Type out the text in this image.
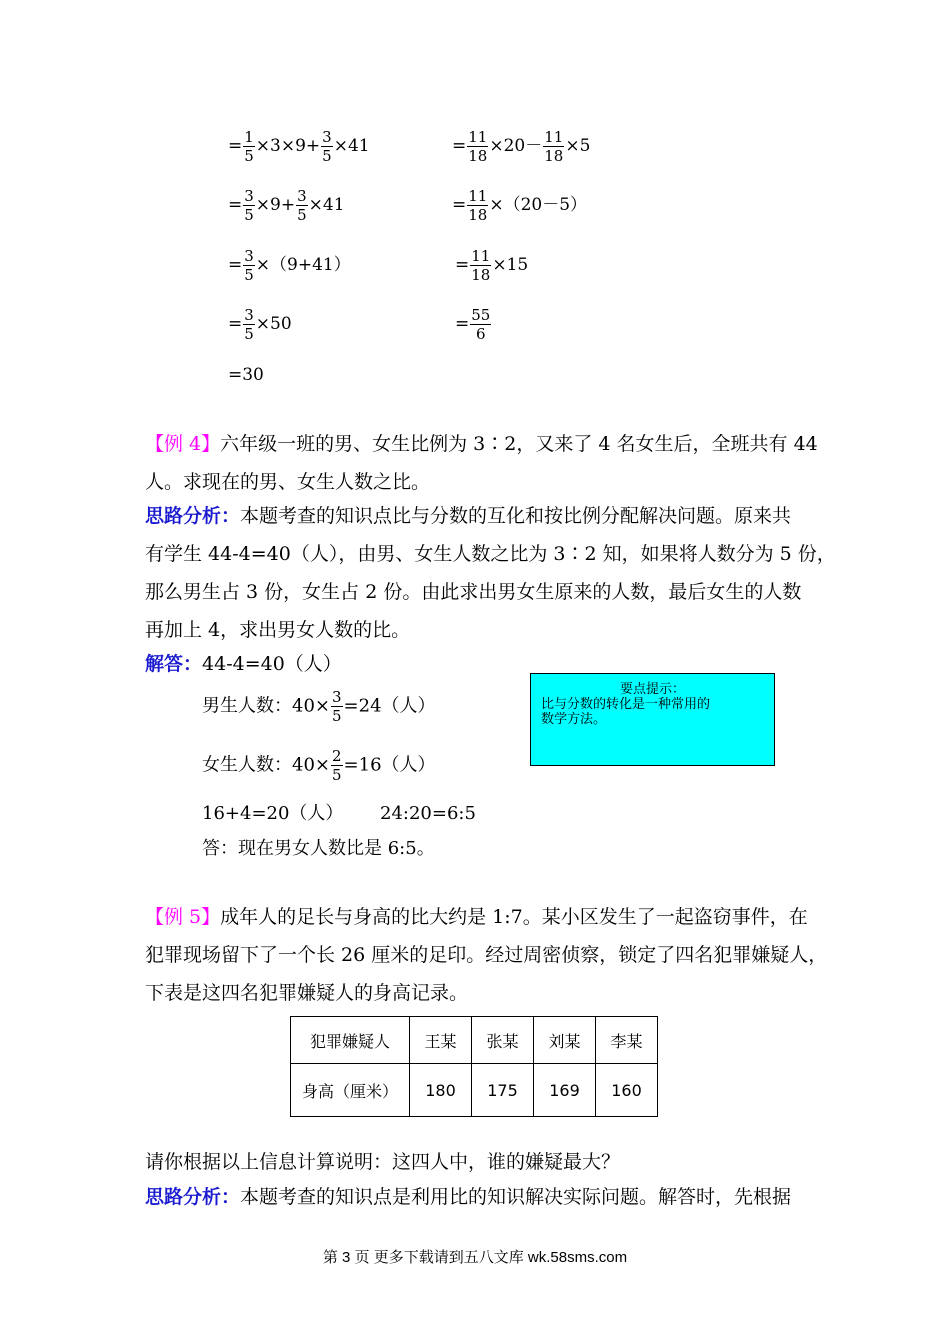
= $\frac{1}{5} \times 3\times 9+ \frac{3}{5} \times 41$
= $\frac{3}{5} \times 9+ \frac{3}{5} \times 41$
= $\frac{3}{5} \times(9+41)$
= $\frac{3}{5} \times 50$
=30
= $\frac{11}{18} \times 20- \frac{11}{18} \times 5$
= $\frac{11}{18} \times(20-5)$
= $\frac{11}{18} \times 15$
= $\frac{55}{6}$
【例 4】六年级一班的男、女生比例为 3∶2，又来了 4 名女生后，全班共有 44
人。求现在的男、女生人数之比。
思路分析：本题考查的知识点比与分数的互化和按比例分配解决问题。原来共
有学生 44-4=40（人），由男、女生人数之比为 3∶2 知，如果将人数分为 5 份，
那么男生占 3 份，女生占 2 份。由此求出男女生原来的人数，最后女生的人数
再加上 4，求出男女人数的比。
解答：44-4=40（人）
男生人数：$40\times \frac{3}{5} =24$（人）
女生人数：$40\times \frac{2}{5} =16$（人）
16+4=20（人） 24:20=6:5
答：现在男女人数比是 6:5。
要点提示：
比与分数的转化是一种常用的
数学方法。
【例 5】成年人的足长与身高的比大约是 1:7。某小区发生了一起盗窃事件，在
犯罪现场留下了一个长 26 厘米的足印。经过周密侦察，锁定了四名犯罪嫌疑人，
下表是这四名犯罪嫌疑人的身高记录。
犯罪嫌疑人	王某	张某	刘某	李某
身高（厘米）	180	175	169	160
请你根据以上信息计算说明：这四人中，谁的嫌疑最大？
思路分析：本题考查的知识点是利用比的知识解决实际问题。解答时，先根据
第 3 页 更多下载请到五八文库 wk.58sms.com
